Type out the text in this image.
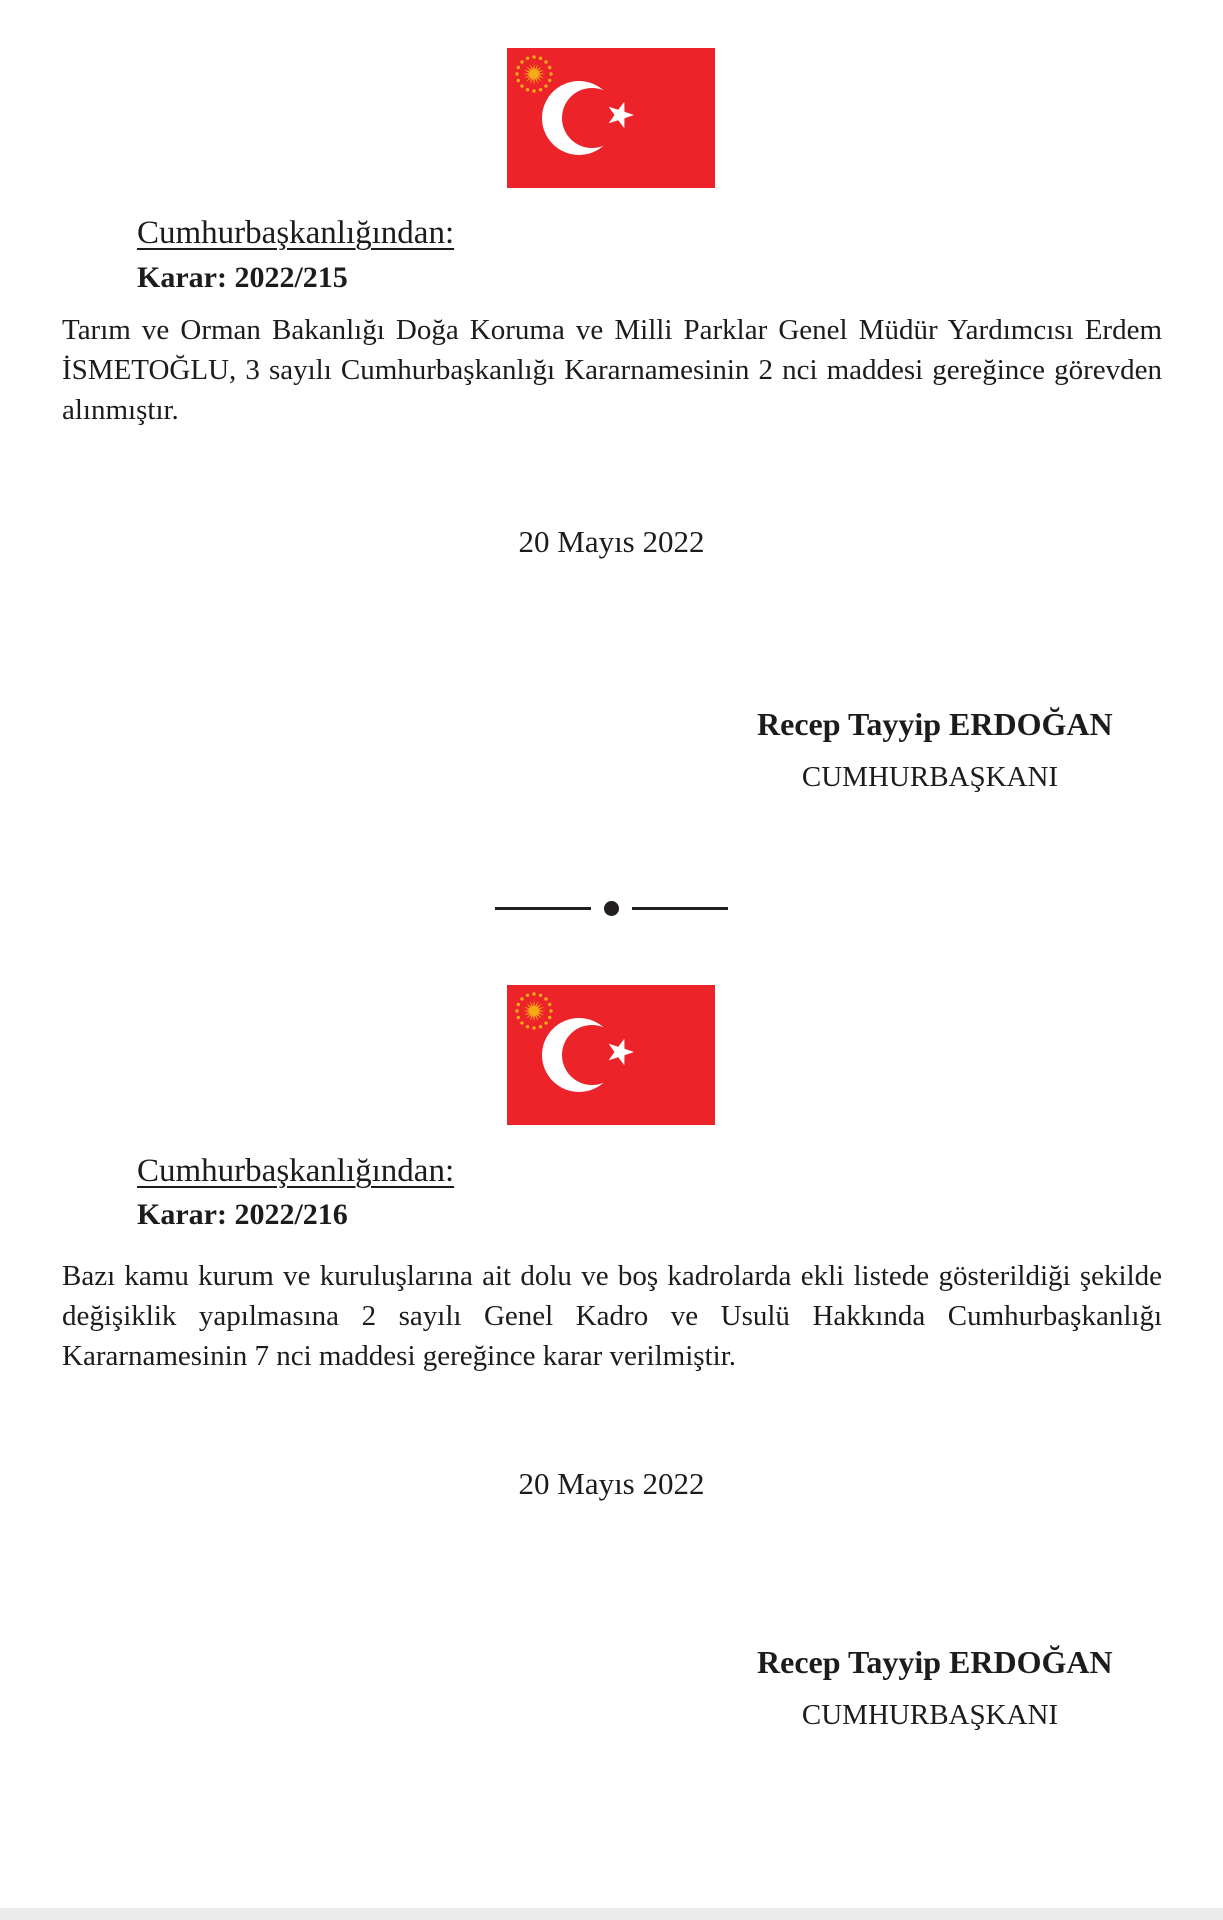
Cumhurbaşkanlığından:
Karar: 2022/215
Tarım ve Orman Bakanlığı Doğa Koruma ve Milli Parklar Genel Müdür Yardımcısı Erdem
İSMETOĞLU, 3 sayılı Cumhurbaşkanlığı Kararnamesinin 2 nci maddesi gereğince görevden
alınmıştır.
20 Mayıs 2022
Recep Tayyip ERDOĞAN
CUMHURBAŞKANI
Cumhurbaşkanlığından:
Karar: 2022/216
Bazı kamu kurum ve kuruluşlarına ait dolu ve boş kadrolarda ekli listede gösterildiği şekilde
değişiklik yapılmasına 2 sayılı Genel Kadro ve Usulü Hakkında Cumhurbaşkanlığı
Kararnamesinin 7 nci maddesi gereğince karar verilmiştir.
20 Mayıs 2022
Recep Tayyip ERDOĞAN
CUMHURBAŞKANI
